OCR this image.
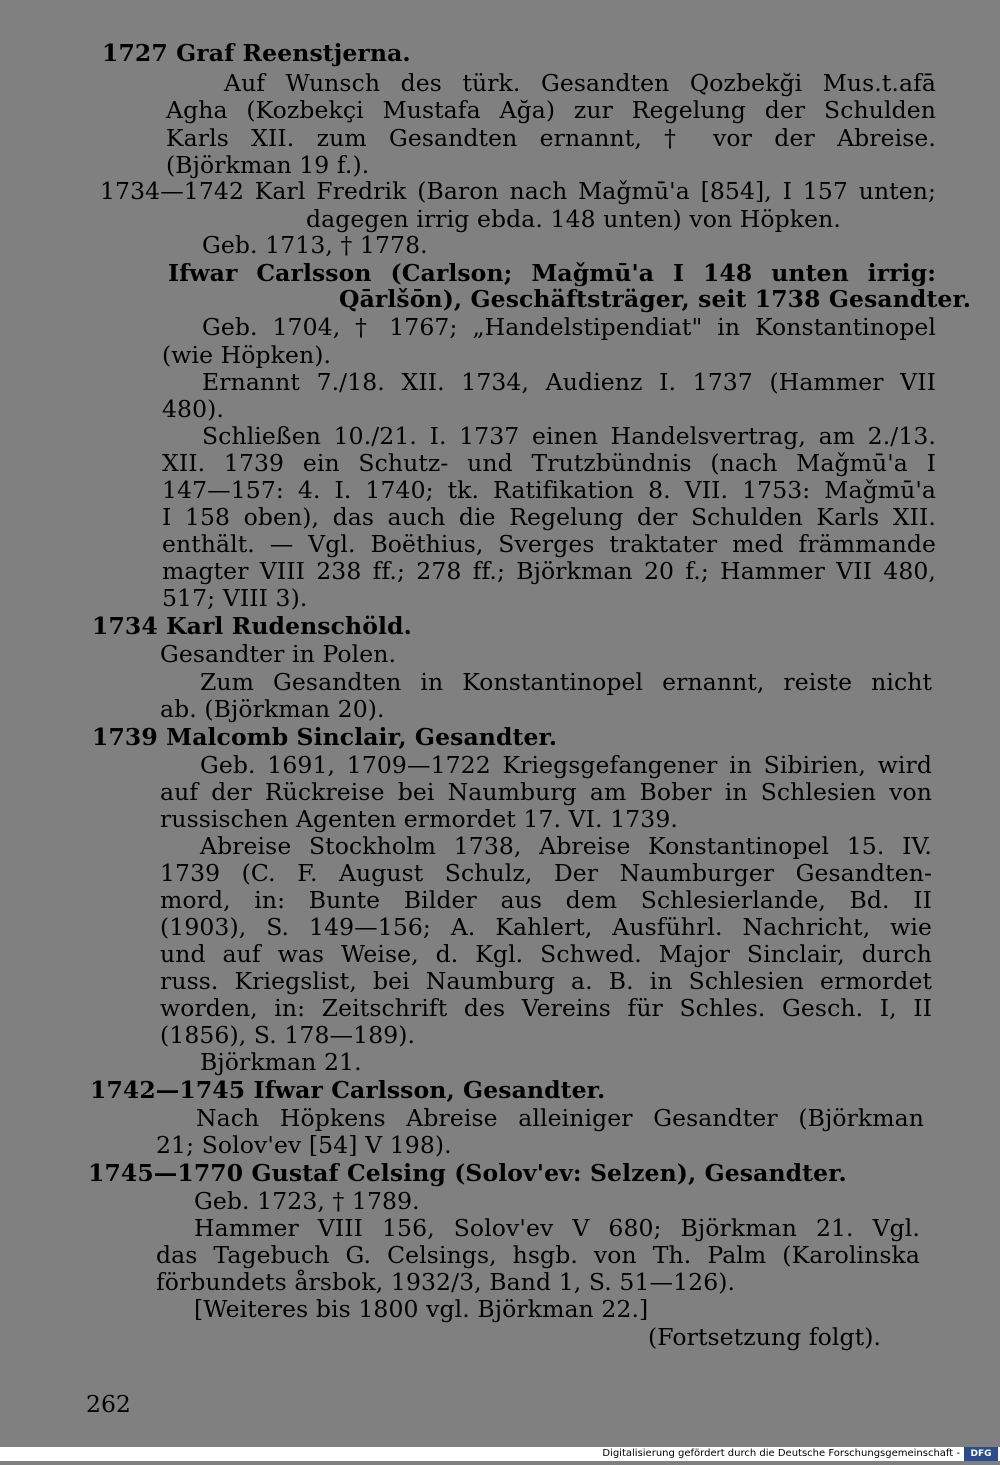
1727 Graf Reenstjerna.
Auf Wunsch des türk. Gesandten Qozbekği Mus.t.afā
Agha (Kozbekçi Mustafa Ağa) zur Regelung der Schulden
Karls XII. zum Gesandten ernannt, † vor der Abreise.
(Björkman 19 f.).
1734—1742 Karl Fredrik (Baron nach Maǧmū'a [854], I 157 unten;
dagegen irrig ebda. 148 unten) von Höpken.
Geb. 1713, † 1778.
Ifwar Carlsson (Carlson; Maǧmū'a I 148 unten irrig:
Qārlšōn), Geschäftsträger, seit 1738 Gesandter.
Geb. 1704, † 1767; „Handelstipendiat" in Konstantinopel
(wie Höpken).
Ernannt 7./18. XII. 1734, Audienz I. 1737 (Hammer VII
480).
Schließen 10./21. I. 1737 einen Handelsvertrag, am 2./13.
XII. 1739 ein Schutz- und Trutzbündnis (nach Maǧmū'a I
147—157: 4. I. 1740; tk. Ratifikation 8. VII. 1753: Maǧmū'a
I 158 oben), das auch die Regelung der Schulden Karls XII.
enthält. — Vgl. Boëthius, Sverges traktater med främmande
magter VIII 238 ff.; 278 ff.; Björkman 20 f.; Hammer VII 480,
517; VIII 3).
1734 Karl Rudenschöld.
Gesandter in Polen.
Zum Gesandten in Konstantinopel ernannt, reiste nicht
ab. (Björkman 20).
1739 Malcomb Sinclair, Gesandter.
Geb. 1691, 1709—1722 Kriegsgefangener in Sibirien, wird
auf der Rückreise bei Naumburg am Bober in Schlesien von
russischen Agenten ermordet 17. VI. 1739.
Abreise Stockholm 1738, Abreise Konstantinopel 15. IV.
1739 (C. F. August Schulz, Der Naumburger Gesandten-
mord, in: Bunte Bilder aus dem Schlesierlande, Bd. II
(1903), S. 149—156; A. Kahlert, Ausführl. Nachricht, wie
und auf was Weise, d. Kgl. Schwed. Major Sinclair, durch
russ. Kriegslist, bei Naumburg a. B. in Schlesien ermordet
worden, in: Zeitschrift des Vereins für Schles. Gesch. I, II
(1856), S. 178—189).
Björkman 21.
1742—1745 Ifwar Carlsson, Gesandter.
Nach Höpkens Abreise alleiniger Gesandter (Björkman
21; Solov'ev [54] V 198).
1745—1770 Gustaf Celsing (Solov'ev: Selzen), Gesandter.
Geb. 1723, † 1789.
Hammer VIII 156, Solov'ev V 680; Björkman 21. Vgl.
das Tagebuch G. Celsings, hsgb. von Th. Palm (Karolinska
förbundets årsbok, 1932/3, Band 1, S. 51—126).
[Weiteres bis 1800 vgl. Björkman 22.]
(Fortsetzung folgt).
262
Digitalisierung gefördert durch die Deutsche Forschungsgemeinschaft -	DFG
